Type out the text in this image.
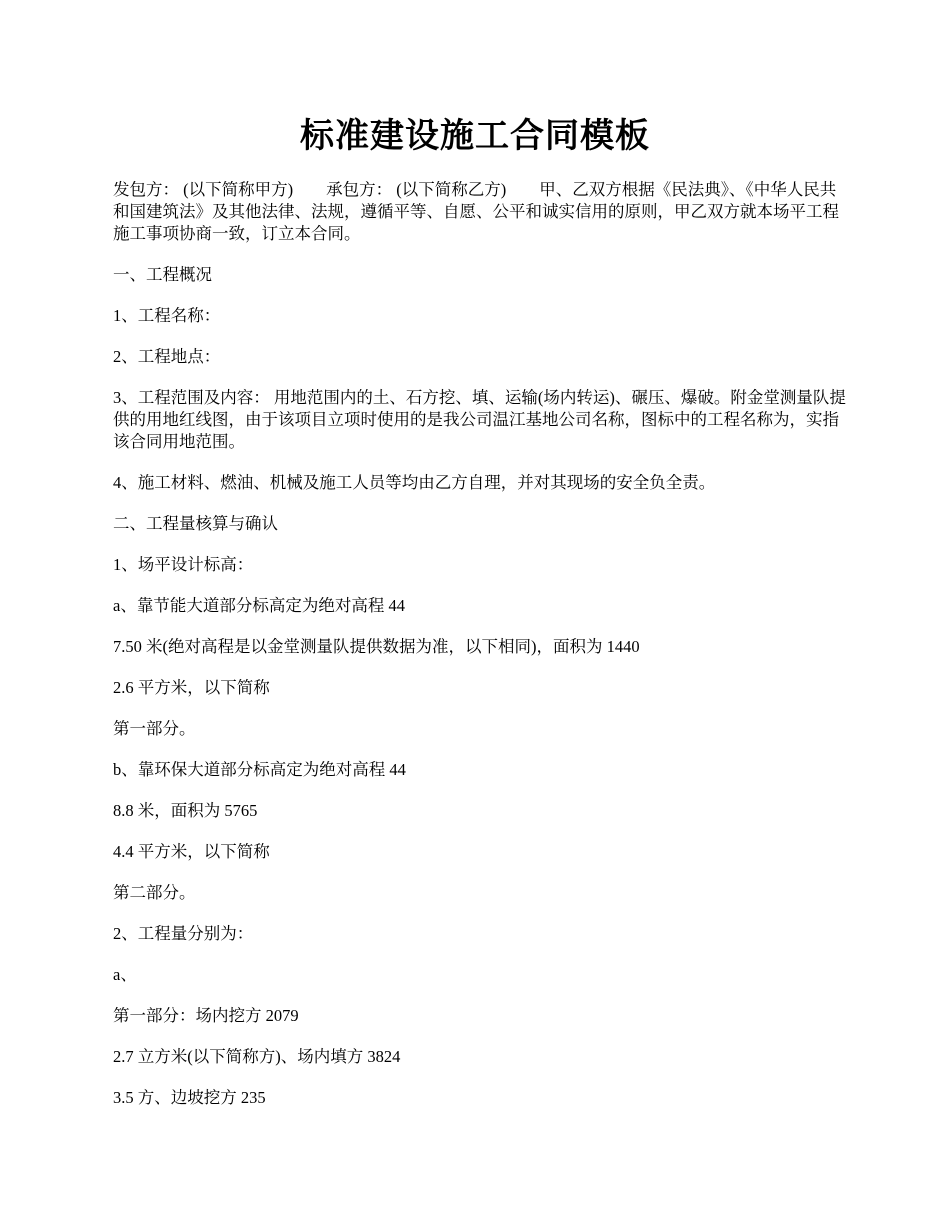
标准建设施工合同模板

发包方： (以下简称甲方)　　承包方： (以下简称乙方)　　甲、乙双方根据《民法典》、《中华人民共和国建筑法》及其他法律、法规，遵循平等、自愿、公平和诚实信用的原则，甲乙双方就本场平工程施工事项协商一致，订立本合同。

一、工程概况

1、工程名称：

2、工程地点：

3、工程范围及内容： 用地范围内的土、石方挖、填、运输(场内转运)、碾压、爆破。附金堂测量队提供的用地红线图，由于该项目立项时使用的是我公司温江基地公司名称，图标中的工程名称为，实指该合同用地范围。

4、施工材料、燃油、机械及施工人员等均由乙方自理，并对其现场的安全负全责。

二、工程量核算与确认

1、场平设计标高：

a、靠节能大道部分标高定为绝对高程 44

7.50 米(绝对高程是以金堂测量队提供数据为准，以下相同)，面积为 1440

2.6 平方米，以下简称

第一部分。

b、靠环保大道部分标高定为绝对高程 44

8.8 米，面积为 5765

4.4 平方米，以下简称

第二部分。

2、工程量分别为：

a、

第一部分：场内挖方 2079

2.7 立方米(以下简称方)、场内填方 3824

3.5 方、边坡挖方 235
